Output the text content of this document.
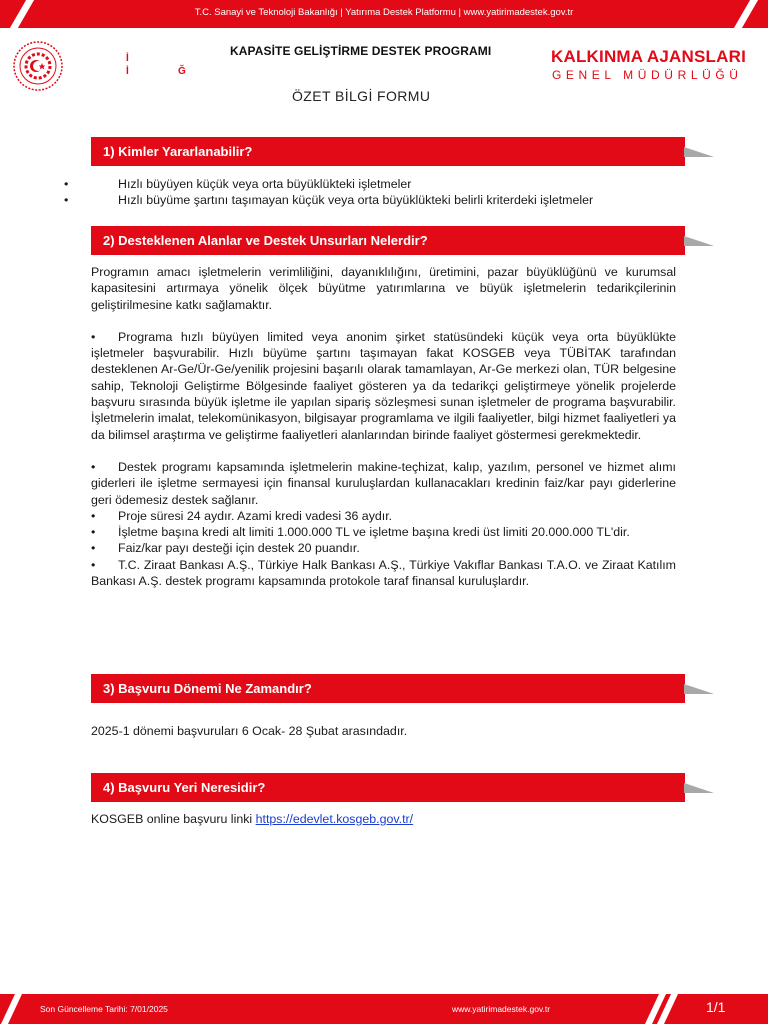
T.C. Sanayi ve Teknoloji Bakanlığı | Yatırıma Destek Platformu | www.yatirimadestek.gov.tr
İ
İ	Ğ
KAPASİTE GELİŞTİRME DESTEK PROGRAMI
ÖZET BİLGİ FORMU
KALKINMA AJANSLARI
GENEL MÜDÜRLÜĞÜ
1) Kimler Yararlanabilir?

•	Hızlı büyüyen küçük veya orta büyüklükteki işletmeler

•	Hızlı büyüme şartını taşımayan küçük veya orta büyüklükteki belirli kriterdeki işletmeler

2) Desteklenen Alanlar ve Destek Unsurları Nelerdir?

Programın amacı işletmelerin verimliliğini, dayanıklılığını, üretimini, pazar büyüklüğünü ve kurumsal kapasitesini artırmaya yönelik ölçek büyütme yatırımlarına ve büyük işletmelerin tedarikçilerinin geliştirilmesine katkı sağlamaktır.

• Programa hızlı büyüyen limited veya anonim şirket statüsündeki küçük veya orta büyüklükte işletmeler başvurabilir. Hızlı büyüme şartını taşımayan fakat KOSGEB veya TÜBİTAK tarafından desteklenen Ar-Ge/Ür-Ge/yenilik projesini başarılı olarak tamamlayan, Ar-Ge merkezi olan, TÜR belgesine sahip, Teknoloji Geliştirme Bölgesinde faaliyet gösteren ya da tedarikçi geliştirmeye yönelik projelerde başvuru sırasında büyük işletme ile yapılan sipariş sözleşmesi sunan işletmeler de programa başvurabilir. İşletmelerin imalat, telekomünikasyon, bilgisayar programlama ve ilgili faaliyetler, bilgi hizmet faaliyetleri ya da bilimsel araştırma ve geliştirme faaliyetleri alanlarından birinde faaliyet göstermesi gerekmektedir.

• Destek programı kapsamında işletmelerin makine-teçhizat, kalıp, yazılım, personel ve hizmet alımı giderleri ile işletme sermayesi için finansal kuruluşlardan kullanacakları kredinin faiz/kar payı giderlerine geri ödemesiz destek sağlanır.

• Proje süresi 24 aydır. Azami kredi vadesi 36 aydır.

• İşletme başına kredi alt limiti 1.000.000 TL ve işletme başına kredi üst limiti 20.000.000 TL'dir.

• Faiz/kar payı desteği için destek 20 puandır.

• T.C. Ziraat Bankası A.Ş., Türkiye Halk Bankası A.Ş., Türkiye Vakıflar Bankası T.A.O. ve Ziraat Katılım Bankası A.Ş. destek programı kapsamında protokole taraf finansal kuruluşlardır.

3) Başvuru Dönemi Ne Zamandır?

2025-1 dönemi başvuruları 6 Ocak- 28 Şubat arasındadır.

4) Başvuru Yeri Neresidir?

KOSGEB online başvuru linki https://edevlet.kosgeb.gov.tr/

Son Güncelleme Tarihi: 7/01/2025	www.yatirimadestek.gov.tr	1/1
